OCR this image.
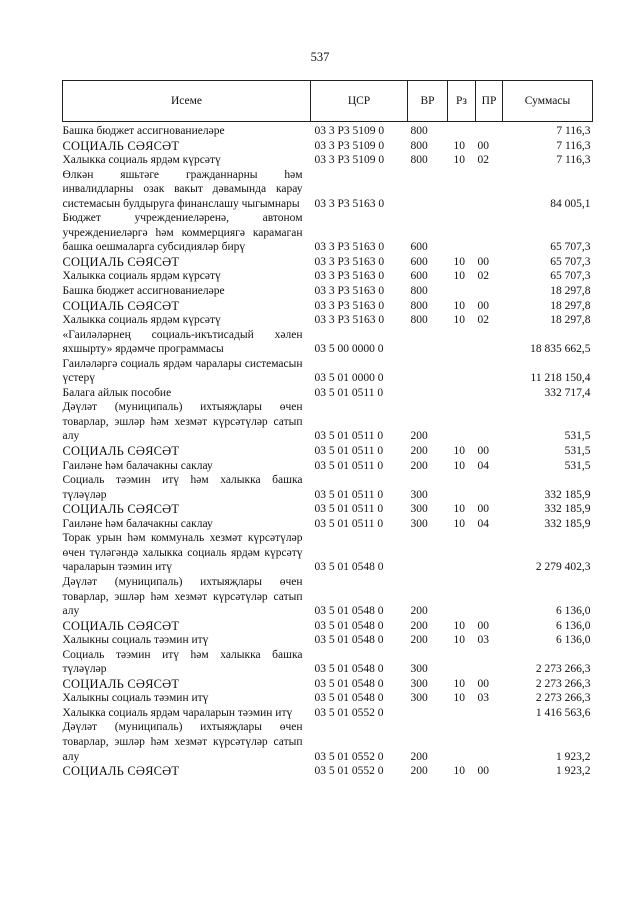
537
Исеме	ЦСР	ВР	Рз	ПР	Суммасы
Башка бюджет ассигнованиеләре	03 3 P3 5109 0	800			7 116,3
СОЦИАЛЬ СӘЯСӘТ	03 3 P3 5109 0	800	10	00	7 116,3
Халыкка социаль ярдәм күрсәтү	03 3 P3 5109 0	800	10	02	7 116,3
Өлкән яшьтәге гражданнарны һәм инвалидларны озак вакыт дәвамында карау системасын булдыруга финанслашу чыгымнары	03 3 P3 5163 0				84 005,1
Бюджет учреждениеләренә, автоном учреждениеләргә һәм коммерциягә карамаган башка оешмаларга субсидияләр бирү	03 3 P3 5163 0	600			65 707,3
СОЦИАЛЬ СӘЯСӘТ	03 3 P3 5163 0	600	10	00	65 707,3
Халыкка социаль ярдәм күрсәтү	03 3 P3 5163 0	600	10	02	65 707,3
Башка бюджет ассигнованиеләре	03 3 P3 5163 0	800			18 297,8
СОЦИАЛЬ СӘЯСӘТ	03 3 P3 5163 0	800	10	00	18 297,8
Халыкка социаль ярдәм күрсәтү	03 3 P3 5163 0	800	10	02	18 297,8
«Гаиләләрнең социаль-икътисадый хәлен яхшырту» ярдәмче программасы	03 5 00 0000 0				18 835 662,5
Гаиләләргә социаль ярдәм чаралары системасын үстерү	03 5 01 0000 0				11 218 150,4
Балага айлык пособие	03 5 01 0511 0				332 717,4
Дәүләт (муниципаль) ихтыяҗлары өчен товарлар, эшләр һәм хезмәт күрсәтүләр сатып алу	03 5 01 0511 0	200			531,5
СОЦИАЛЬ СӘЯСӘТ	03 5 01 0511 0	200	10	00	531,5
Гаиләне һәм балачакны саклау	03 5 01 0511 0	200	10	04	531,5
Социаль тәэмин итү һәм халыкка башка түләүләр	03 5 01 0511 0	300			332 185,9
СОЦИАЛЬ СӘЯСӘТ	03 5 01 0511 0	300	10	00	332 185,9
Гаиләне һәм балачакны саклау	03 5 01 0511 0	300	10	04	332 185,9
Торак урын һәм коммуналь хезмәт күрсәтүләр өчен түләгәндә халыкка социаль ярдәм күрсәтү чараларын тәэмин итү	03 5 01 0548 0				2 279 402,3
Дәүләт (муниципаль) ихтыяҗлары өчен товарлар, эшләр һәм хезмәт күрсәтүләр сатып алу	03 5 01 0548 0	200			6 136,0
СОЦИАЛЬ СӘЯСӘТ	03 5 01 0548 0	200	10	00	6 136,0
Халыкны социаль тәэмин итү	03 5 01 0548 0	200	10	03	6 136,0
Социаль тәэмин итү һәм халыкка башка түләүләр	03 5 01 0548 0	300			2 273 266,3
СОЦИАЛЬ СӘЯСӘТ	03 5 01 0548 0	300	10	00	2 273 266,3
Халыкны социаль тәэмин итү	03 5 01 0548 0	300	10	03	2 273 266,3
Халыкка социаль ярдәм чараларын тәэмин итү	03 5 01 0552 0				1 416 563,6
Дәүләт (муниципаль) ихтыяҗлары өчен товарлар, эшләр һәм хезмәт күрсәтүләр сатып алу	03 5 01 0552 0	200			1 923,2
СОЦИАЛЬ СӘЯСӘТ	03 5 01 0552 0	200	10	00	1 923,2
